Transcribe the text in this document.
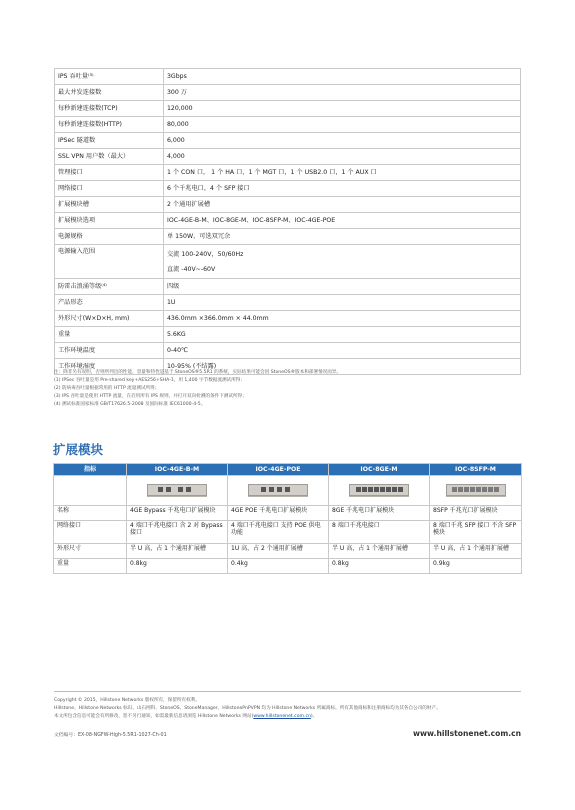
IPS 吞吐量⁽³⁾	3Gbps
最大并发连接数	300 万
每秒新建连接数(TCP)	120,000
每秒新建连接数(HTTP)	80,000
IPSec 隧道数	6,000
SSL VPN 用户数（最大）	4,000
管理接口	1 个 CON 口， 1 个 HA 口，1 个 MGT 口，1 个 USB2.0 口，1 个 AUX 口
网络接口	6 个千兆电口，4 个 SFP 接口
扩展模块槽	2 个通用扩展槽
扩展模块选项	IOC-4GE-B-M、IOC-8GE-M、IOC-8SFP-M、IOC-4GE-POE
电源规格	单 150W，可选双冗余
电源输入范围	交流 100-240V，50/60Hz
直流 -40V~-60V

防雷击浪涌等级⁽⁴⁾	四级
产品形态	1U
外形尺寸(W×D×H, mm)	436.0mm ×366.0mm × 44.0mm
重量	5.6KG
工作环境温度	0-40℃
工作环境湿度	10-95% (不结露)

注：除非另有说明，否则所列出的性能，容量和特性是基于 StoneOS®5.5R1 的系统，实际结果可能会因 StoneOS®版本和部署情况而异。

(1) IPSec 吞吐量是用 Pre-shared key+AES256+SHA-1，用 1,400 字节数据流测试所得；

(2) 防病毒吞吐量根据常用的 HTTP 流量测试所得；

(3) IPS 吞吐量是使用 HTTP 流量，在启用所有 IPS 规则，并打开双向检测的条件下测试所得；

(4) 测试标准国家标准 GB/T17626.5-2008 及国际标准 IEC61000-4-5。

扩展模块
指标	IOC-4GE-B-M	IOC-4GE-POE	IOC-8GE-M	IOC-8SFP-M

名称	4GE Bypass 千兆电口扩展模块	4GE POE 千兆电口扩展模块	8GE 千兆电口扩展模块	8SFP 千兆光口扩展模块
网络接口	4 端口千兆电接口 含 2 对 Bypass 接口	4 端口千兆电接口 支持 POE 供电功能	8 端口千兆电接口	8 端口千兆 SFP 接口 不含 SFP 模块
外形尺寸	半 U 高，占 1 个通用扩展槽	1U 高，占 2 个通用扩展槽	半 U 高，占 1 个通用扩展槽	半 U 高，占 1 个通用扩展槽
重量	0.8kg	0.4kg	0.8kg	0.9kg

Copyright © 2015，Hillstone Networks 版权所有，保留所有权利。

Hillstone、Hillstone Networks 标识、山石网科、StoneOS、StoneManager、HillstonePnPVPN 均为 Hillstone Networks 所属商标。所有其他商标和注册商标均为其各自公司的财产。

本文所包含信息可能会有所修改，恕不另行通知，如需最新信息请浏览 Hillstone Networks 网站(www.hillstonenet.com.cn)。

文档编号：EX-08-NGFW-High-5.5R1-1027-Ch-01	www.hillstonenet.com.cn
